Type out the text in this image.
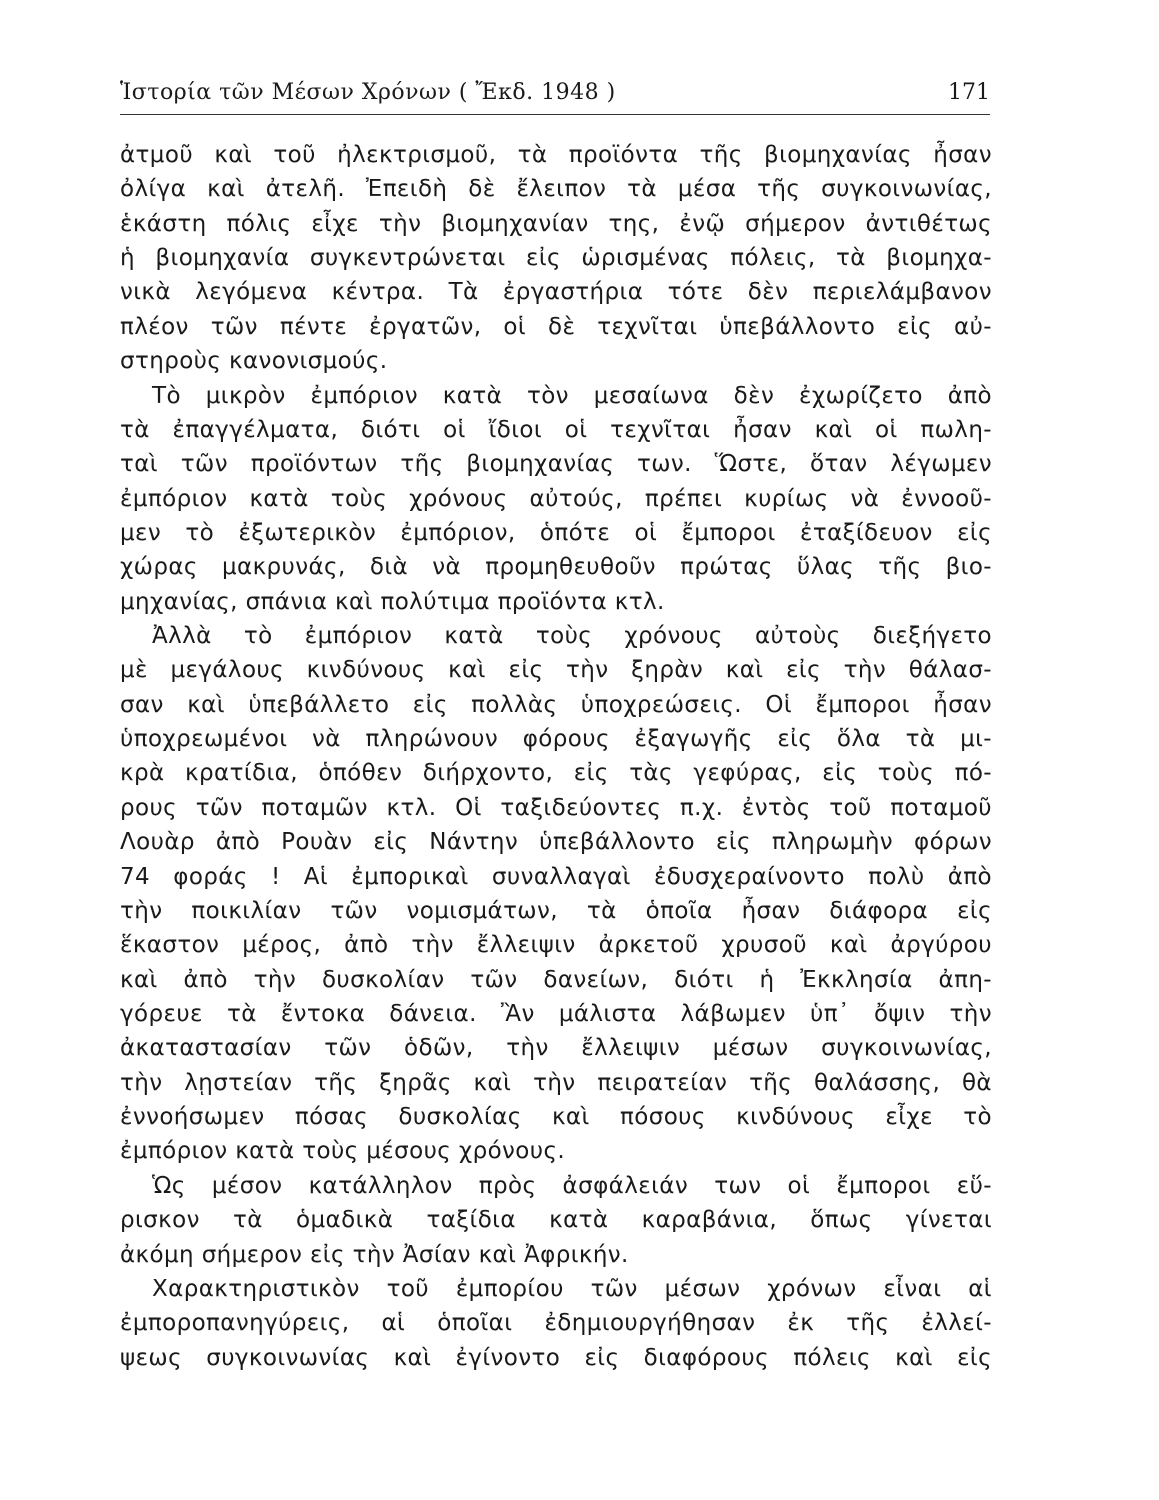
Ἱστορία τῶν Μέσων Χρόνων ( Ἔκδ. 1948 )	171
ἀτμοῦ καὶ τοῦ ἠλεκτρισμοῦ, τὰ προϊόντα τῆς βιομηχανίας ἦσαν
ὀλίγα καὶ ἀτελῆ. Ἐπειδὴ δὲ ἔλειπον τὰ μέσα τῆς συγκοινωνίας,
ἑκάστη πόλις εἶχε τὴν βιομηχανίαν της, ἐνῷ σήμερον ἀντιθέτως
ἡ βιομηχανία συγκεντρώνεται εἰς ὡρισμένας πόλεις, τὰ βιομηχα-
νικὰ λεγόμενα κέντρα. Τὰ ἐργαστήρια τότε δὲν περιελάμβανον
πλέον τῶν πέντε ἐργατῶν, οἱ δὲ τεχνῖται ὑπεβάλλοντο εἰς αὐ-
στηροὺς κανονισμούς.
Τὸ μικρὸν ἐμπόριον κατὰ τὸν μεσαίωνα δὲν ἐχωρίζετο ἀπὸ
τὰ ἐπαγγέλματα, διότι οἱ ἴδιοι οἱ τεχνῖται ἦσαν καὶ οἱ πωλη-
ταὶ τῶν προϊόντων τῆς βιομηχανίας των. Ὥστε, ὅταν λέγωμεν
ἐμπόριον κατὰ τοὺς χρόνους αὐτούς, πρέπει κυρίως νὰ ἐννοοῦ-
μεν τὸ ἐξωτερικὸν ἐμπόριον, ὁπότε οἱ ἔμποροι ἐταξίδευον εἰς
χώρας μακρυνάς, διὰ νὰ προμηθευθοῦν πρώτας ὕλας τῆς βιο-
μηχανίας, σπάνια καὶ πολύτιμα προϊόντα κτλ.
Ἀλλὰ τὸ ἐμπόριον κατὰ τοὺς χρόνους αὐτοὺς διεξήγετο
μὲ μεγάλους κινδύνους καὶ εἰς τὴν ξηρὰν καὶ εἰς τὴν θάλασ-
σαν καὶ ὑπεβάλλετο εἰς πολλὰς ὑποχρεώσεις. Οἱ ἔμποροι ἦσαν
ὑποχρεωμένοι νὰ πληρώνουν φόρους ἐξαγωγῆς εἰς ὅλα τὰ μι-
κρὰ κρατίδια, ὁπόθεν διήρχοντο, εἰς τὰς γεφύρας, εἰς τοὺς πό-
ρους τῶν ποταμῶν κτλ. Οἱ ταξιδεύοντες π.χ. ἐντὸς τοῦ ποταμοῦ
Λουὰρ ἀπὸ Ρουὰν εἰς Νάντην ὑπεβάλλοντο εἰς πληρωμὴν φόρων
74 φοράς ! Αἱ ἐμπορικαὶ συναλλαγαὶ ἐδυσχεραίνοντο πολὺ ἀπὸ
τὴν ποικιλίαν τῶν νομισμάτων, τὰ ὁποῖα ἦσαν διάφορα εἰς
ἕκαστον μέρος, ἀπὸ τὴν ἔλλειψιν ἀρκετοῦ χρυσοῦ καὶ ἀργύρου
καὶ ἀπὸ τὴν δυσκολίαν τῶν δανείων, διότι ἡ Ἐκκλησία ἀπη-
γόρευε τὰ ἔντοκα δάνεια. Ἂν μάλιστα λάβωμεν ὑπ᾽ ὄψιν τὴν
ἀκαταστασίαν τῶν ὁδῶν, τὴν ἔλλειψιν μέσων συγκοινωνίας,
τὴν λῃστείαν τῆς ξηρᾶς καὶ τὴν πειρατείαν τῆς θαλάσσης, θὰ
ἐννοήσωμεν πόσας δυσκολίας καὶ πόσους κινδύνους εἶχε τὸ
ἐμπόριον κατὰ τοὺς μέσους χρόνους.
Ὡς μέσον κατάλληλον πρὸς ἀσφάλειάν των οἱ ἔμποροι εὕ-
ρισκον τὰ ὁμαδικὰ ταξίδια κατὰ καραβάνια, ὅπως γίνεται
ἀκόμη σήμερον εἰς τὴν Ἀσίαν καὶ Ἀφρικήν.
Χαρακτηριστικὸν τοῦ ἐμπορίου τῶν μέσων χρόνων εἶναι αἱ
ἐμποροπανηγύρεις, αἱ ὁποῖαι ἐδημιουργήθησαν ἐκ τῆς ἐλλεί-
ψεως συγκοινωνίας καὶ ἐγίνοντο εἰς διαφόρους πόλεις καὶ εἰς
